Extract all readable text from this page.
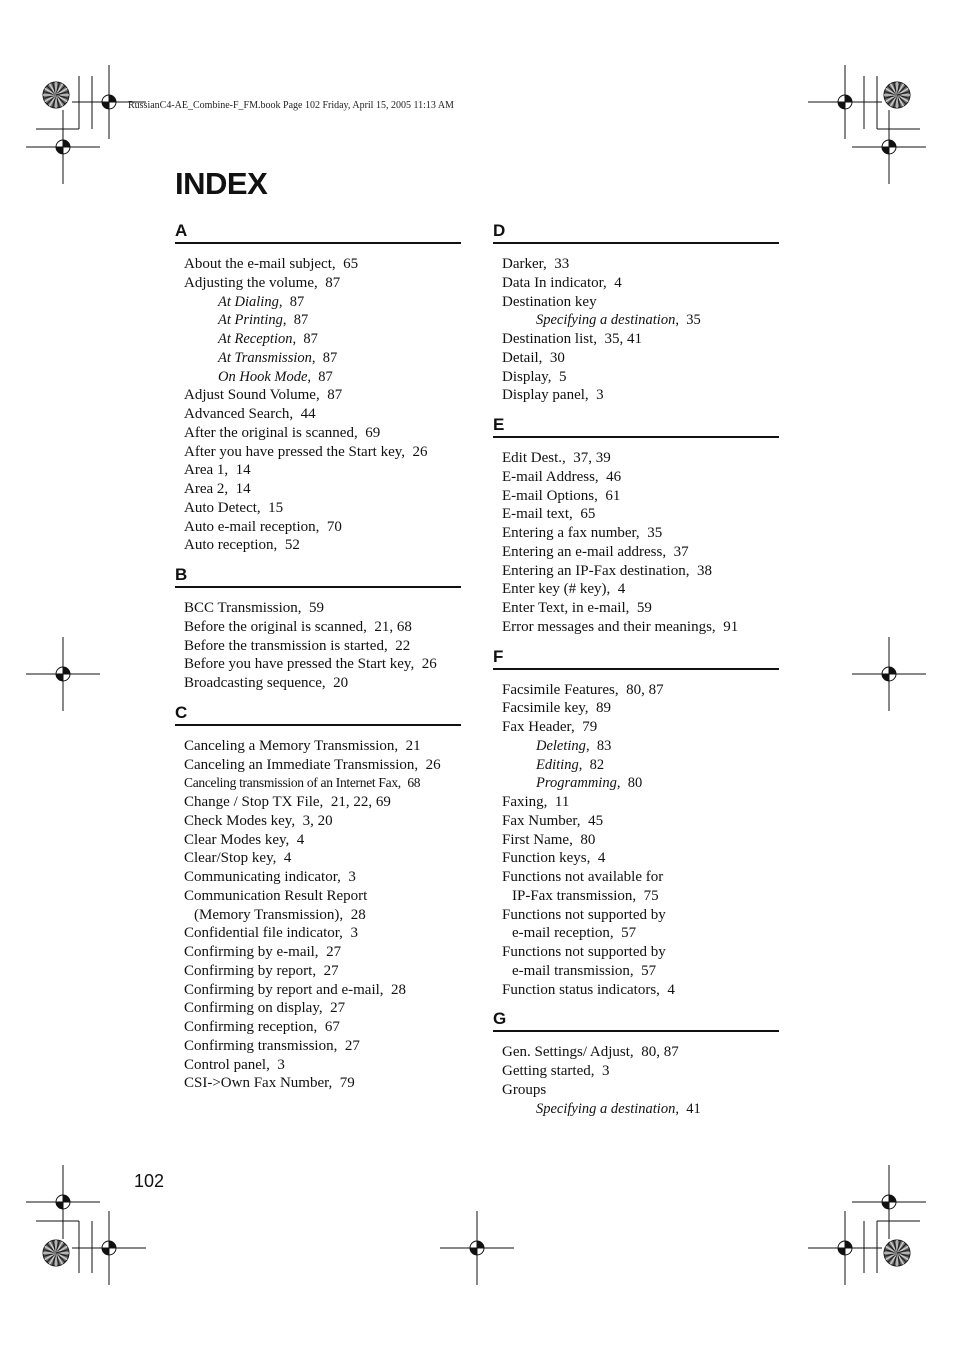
RussianC4-AE_Combine-F_FM.book Page 102 Friday, April 15, 2005 11:13 AM
INDEX
A
About the e-mail subject,  65
Adjusting the volume,  87
At Dialing,  87
At Printing,  87
At Reception,  87
At Transmission,  87
On Hook Mode,  87
Adjust Sound Volume,  87
Advanced Search,  44
After the original is scanned,  69
After you have pressed the Start key,  26
Area 1,  14
Area 2,  14
Auto Detect,  15
Auto e-mail reception,  70
Auto reception,  52
B
BCC Transmission,  59
Before the original is scanned,  21, 68
Before the transmission is started,  22
Before you have pressed the Start key,  26
Broadcasting sequence,  20
C
Canceling a Memory Transmission,  21
Canceling an Immediate Transmission,  26
Canceling transmission of an Internet Fax,  68
Change / Stop TX File,  21, 22, 69
Check Modes key,  3, 20
Clear Modes key,  4
Clear/Stop key,  4
Communicating indicator,  3
Communication Result Report
(Memory Transmission),  28
Confidential file indicator,  3
Confirming by e-mail,  27
Confirming by report,  27
Confirming by report and e-mail,  28
Confirming on display,  27
Confirming reception,  67
Confirming transmission,  27
Control panel,  3
CSI->Own Fax Number,  79
D
Darker,  33
Data In indicator,  4
Destination key
Specifying a destination,  35
Destination list,  35, 41
Detail,  30
Display,  5
Display panel,  3
E
Edit Dest.,  37, 39
E-mail Address,  46
E-mail Options,  61
E-mail text,  65
Entering a fax number,  35
Entering an e-mail address,  37
Entering an IP-Fax destination,  38
Enter key (# key),  4
Enter Text, in e-mail,  59
Error messages and their meanings,  91
F
Facsimile Features,  80, 87
Facsimile key,  89
Fax Header,  79
Deleting,  83
Editing,  82
Programming,  80
Faxing,  11
Fax Number,  45
First Name,  80
Function keys,  4
Functions not available for
IP-Fax transmission,  75
Functions not supported by
e-mail reception,  57
Functions not supported by
e-mail transmission,  57
Function status indicators,  4
G
Gen. Settings/ Adjust,  80, 87
Getting started,  3
Groups
Specifying a destination,  41
102
